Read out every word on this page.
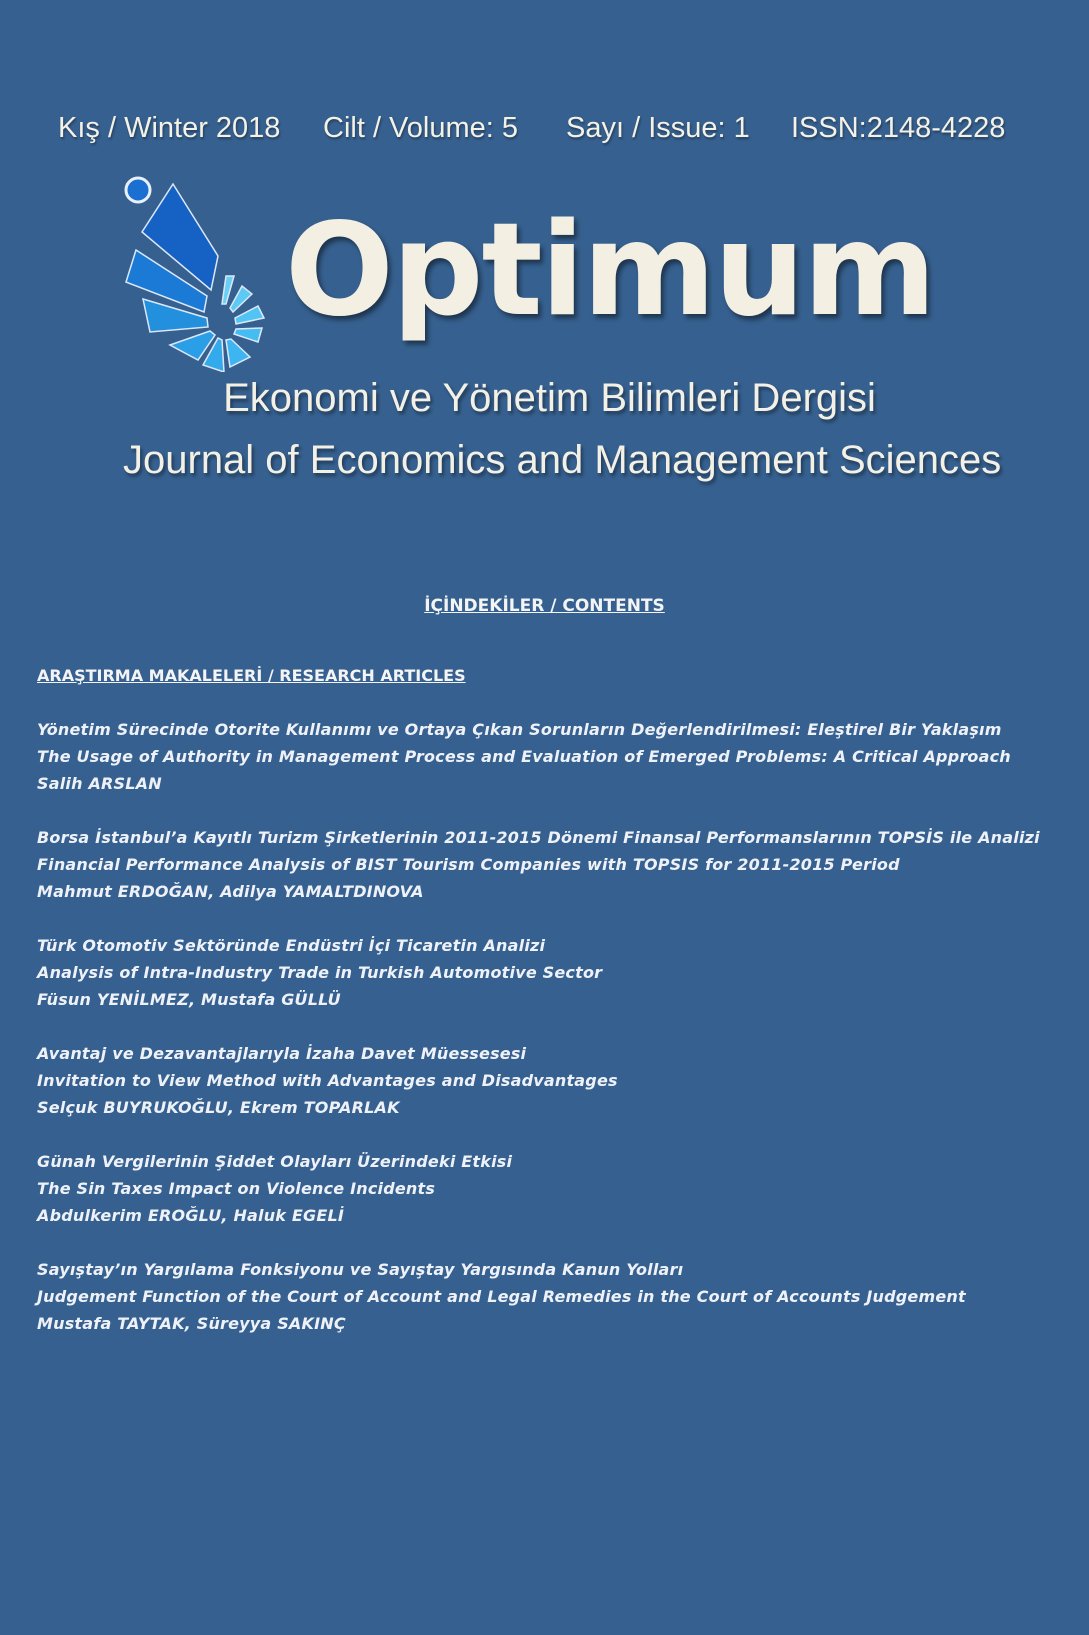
Kış / Winter 2018 Cilt / Volume: 5 Sayı / Issue: 1 ISSN:2148-4228
Optimum
Ekonomi ve Yönetim Bilimleri Dergisi
Journal of Economics and Management Sciences
İÇİNDEKİLER / CONTENTS
ARAŞTIRMA MAKALELERİ / RESEARCH ARTICLES
Yönetim Sürecinde Otorite Kullanımı ve Ortaya Çıkan Sorunların Değerlendirilmesi: Eleştirel Bir Yaklaşım
The Usage of Authority in Management Process and Evaluation of Emerged Problems: A Critical Approach
Salih ARSLAN
Borsa İstanbul’a Kayıtlı Turizm Şirketlerinin 2011-2015 Dönemi Finansal Performanslarının TOPSİS ile Analizi
Financial Performance Analysis of BIST Tourism Companies with TOPSIS for 2011-2015 Period
Mahmut ERDOĞAN, Adilya YAMALTDINOVA
Türk Otomotiv Sektöründe Endüstri İçi Ticaretin Analizi
Analysis of Intra-Industry Trade in Turkish Automotive Sector
Füsun YENİLMEZ, Mustafa GÜLLÜ
Avantaj ve Dezavantajlarıyla İzaha Davet Müessesesi
Invitation to View Method with Advantages and Disadvantages
Selçuk BUYRUKOĞLU, Ekrem TOPARLAK
Günah Vergilerinin Şiddet Olayları Üzerindeki Etkisi
The Sin Taxes Impact on Violence Incidents
Abdulkerim EROĞLU, Haluk EGELİ
Sayıştay’ın Yargılama Fonksiyonu ve Sayıştay Yargısında Kanun Yolları
Judgement Function of the Court of Account and Legal Remedies in the Court of Accounts Judgement
Mustafa TAYTAK, Süreyya SAKINÇ
